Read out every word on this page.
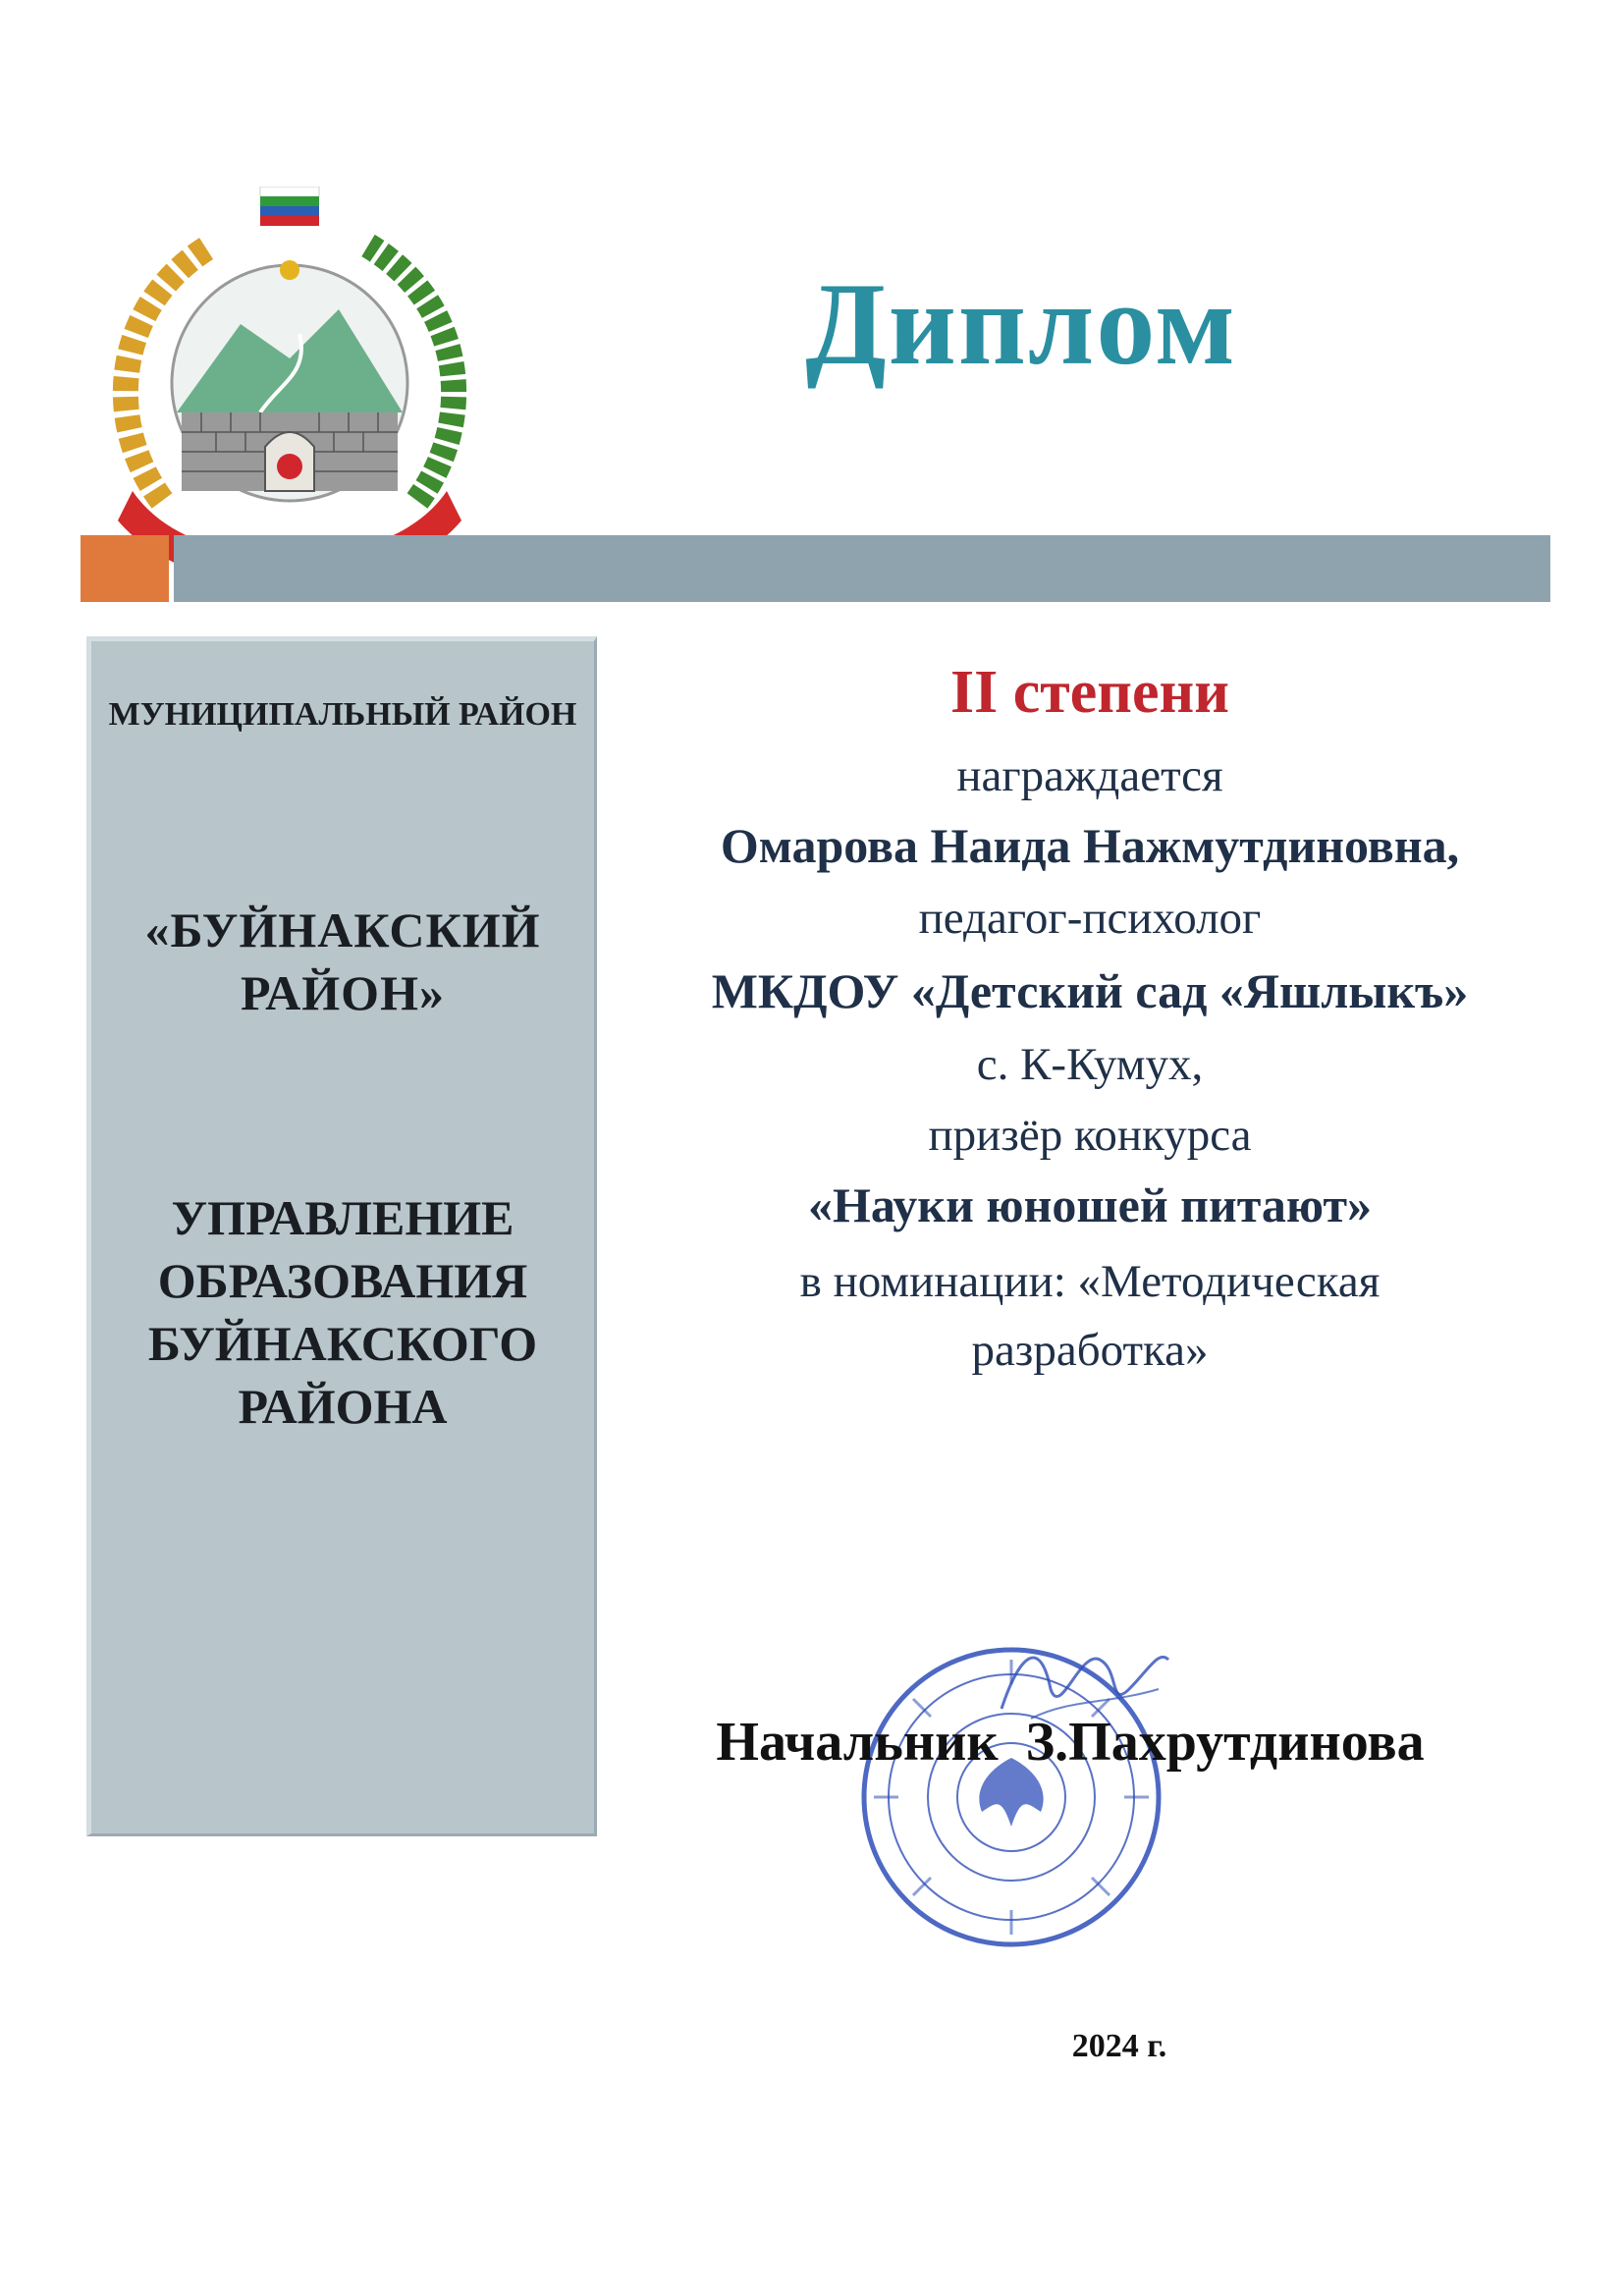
Диплом
МУНИЦИПАЛЬНЫЙ РАЙОН
«БУЙНАКСКИЙ РАЙОН»
УПРАВЛЕНИЕ ОБРАЗОВАНИЯ БУЙНАКСКОГО РАЙОНА
II степени
награждается
Омарова Наида Нажмутдиновна,
педагог-психолог
МКДОУ «Детский сад «Яшлыкъ»
с. К-Кумух,
призёр конкурса
«Науки юношей питают»
в номинации: «Методическая разработка»
Начальник  З.Пахрутдинова
2024 г.
